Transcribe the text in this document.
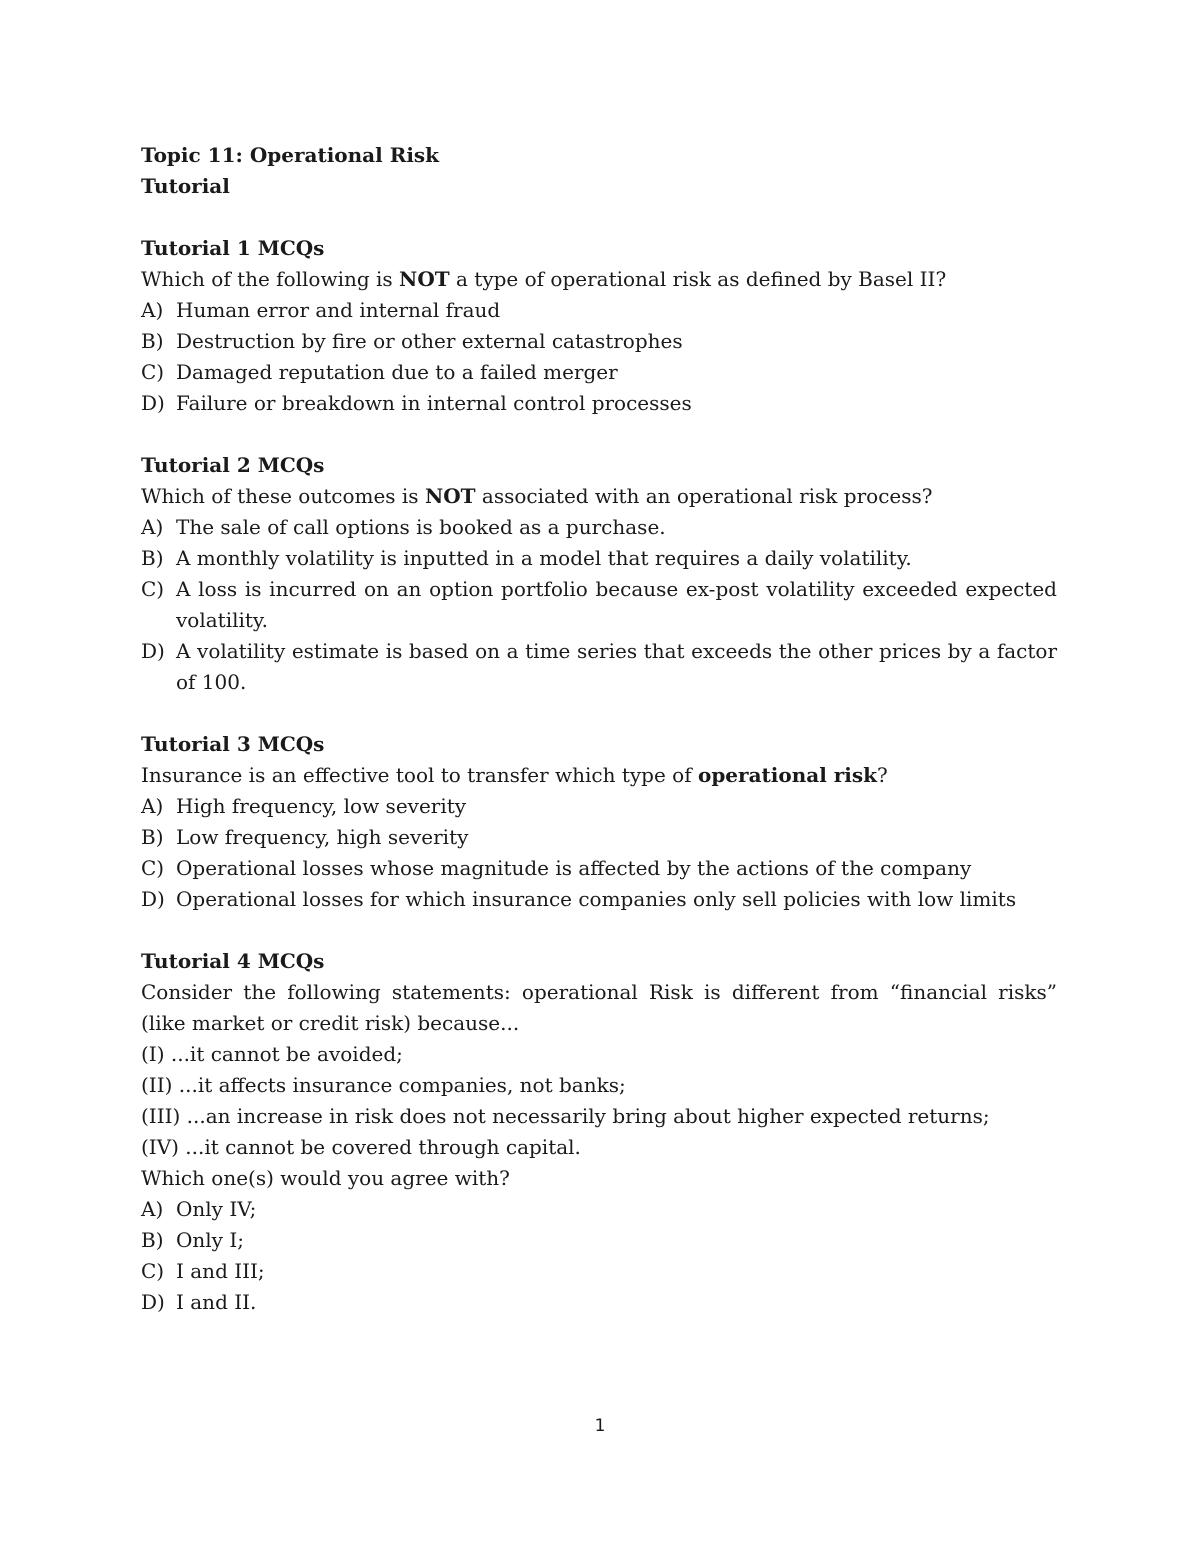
Topic 11: Operational Risk
Tutorial
Tutorial 1 MCQs
Which of the following is NOT a type of operational risk as defined by Basel II?
A) Human error and internal fraud
B) Destruction by fire or other external catastrophes
C) Damaged reputation due to a failed merger
D) Failure or breakdown in internal control processes
Tutorial 2 MCQs
Which of these outcomes is NOT associated with an operational risk process?
A) The sale of call options is booked as a purchase.
B) A monthly volatility is inputted in a model that requires a daily volatility.
C) A loss is incurred on an option portfolio because ex-post volatility exceeded expected volatility.
D) A volatility estimate is based on a time series that exceeds the other prices by a factor of 100.
Tutorial 3 MCQs
Insurance is an effective tool to transfer which type of operational risk?
A) High frequency, low severity
B) Low frequency, high severity
C) Operational losses whose magnitude is affected by the actions of the company
D) Operational losses for which insurance companies only sell policies with low limits
Tutorial 4 MCQs
Consider the following statements: operational Risk is different from “financial risks” (like market or credit risk) because...
(I) ...it cannot be avoided;
(II) ...it affects insurance companies, not banks;
(III) ...an increase in risk does not necessarily bring about higher expected returns;
(IV) ...it cannot be covered through capital.
Which one(s) would you agree with?
A) Only IV;
B) Only I;
C) I and III;
D) I and II.
1
